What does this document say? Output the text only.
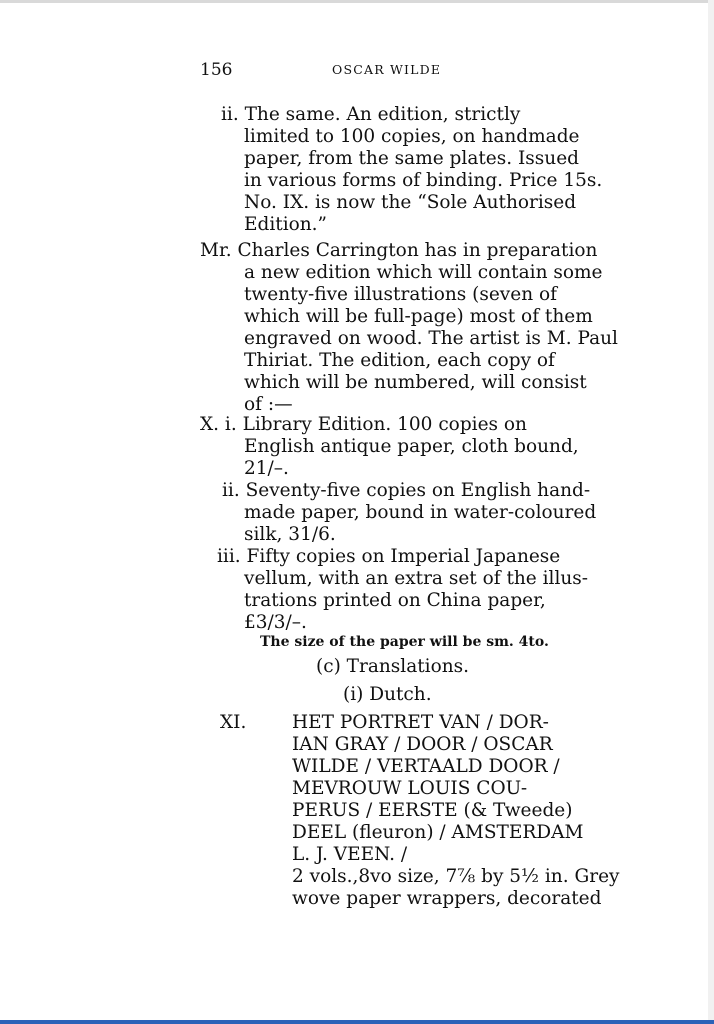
156	OSCAR WILDE
ii. The same. An edition, strictly
limited to 100 copies, on handmade
paper, from the same plates. Issued
in various forms of binding. Price 15s.
No. IX. is now the “Sole Authorised
Edition.”
Mr. Charles Carrington has in preparation
a new edition which will contain some
twenty-five illustrations (seven of
which will be full-page) most of them
engraved on wood. The artist is M. Paul
Thiriat. The edition, each copy of
which will be numbered, will consist
of :—
X. i. Library Edition. 100 copies on
English antique paper, cloth bound,
21/–.
ii. Seventy-five copies on English hand-
made paper, bound in water-coloured
silk, 31/6.
iii. Fifty copies on Imperial Japanese
vellum, with an extra set of the illus-
trations printed on China paper,
£3/3/–.
The size of the paper will be sm. 4to.
(c) Translations.
(i) Dutch.
XI. HET PORTRET VAN / DOR-
IAN GRAY / DOOR / OSCAR
WILDE / VERTAALD DOOR /
MEVROUW LOUIS COU-
PERUS / EERSTE (& Tweede)
DEEL (fleuron) / AMSTERDAM
L. J. VEEN. /
2 vols.,8vo size, 7⅞ by 5½ in. Grey
wove paper wrappers, decorated
